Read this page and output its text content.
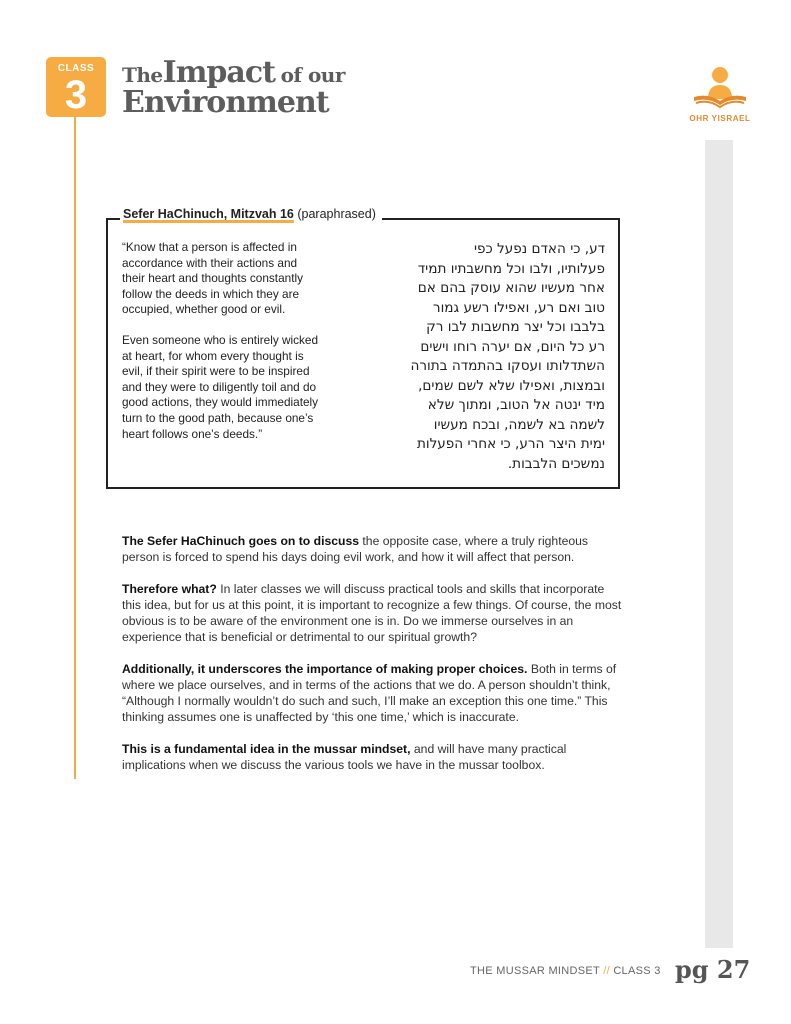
CLASS
3	TheImpact of our
Environment	OHR YISRAEL
Sefer HaChinuch, Mitzvah 16 (paraphrased)

“Know that a person is affected in accordance with their actions and their heart and thoughts constantly follow the deeds in which they are occupied, whether good or evil.

Even someone who is entirely wicked at heart, for whom every thought is evil, if their spirit were to be inspired and they were to diligently toil and do good actions, they would immediately turn to the good path, because one’s heart follows one’s deeds.”

דע, כי האדם נפעל כפי
פעלותיו, ולבו וכל מחשבתיו תמיד
אחר מעשיו שהוא עוסק בהם אם
טוב ואם רע, ואפילו רשע גמור
בלבבו וכל יצר מחשבות לבו רק
רע כל היום, אם יערה רוחו וישים
השתדלותו ועסקו בהתמדה בתורה
ובמצות, ואפילו שלא לשם שמים,
מיד ינטה אל הטוב, ומתוך שלא
לשמה בא לשמה, ובכח מעשיו
ימית היצר הרע, כי אחרי הפעלות
נמשכים הלבבות.

The Sefer HaChinuch goes on to discuss the opposite case, where a truly righteous person is forced to spend his days doing evil work, and how it will affect that person.

Therefore what? In later classes we will discuss practical tools and skills that incorporate this idea, but for us at this point, it is important to recognize a few things. Of course, the most obvious is to be aware of the environment one is in. Do we immerse ourselves in an experience that is beneficial or detrimental to our spiritual growth?

Additionally, it underscores the importance of making proper choices. Both in terms of where we place ourselves, and in terms of the actions that we do. A person shouldn’t think, “Although I normally wouldn’t do such and such, I’ll make an exception this one time.” This thinking assumes one is unaffected by ‘this one time,’ which is inaccurate.

This is a fundamental idea in the mussar mindset, and will have many practical implications when we discuss the various tools we have in the mussar toolbox.

THE MUSSAR MINDSET // CLASS 3 pg 27
